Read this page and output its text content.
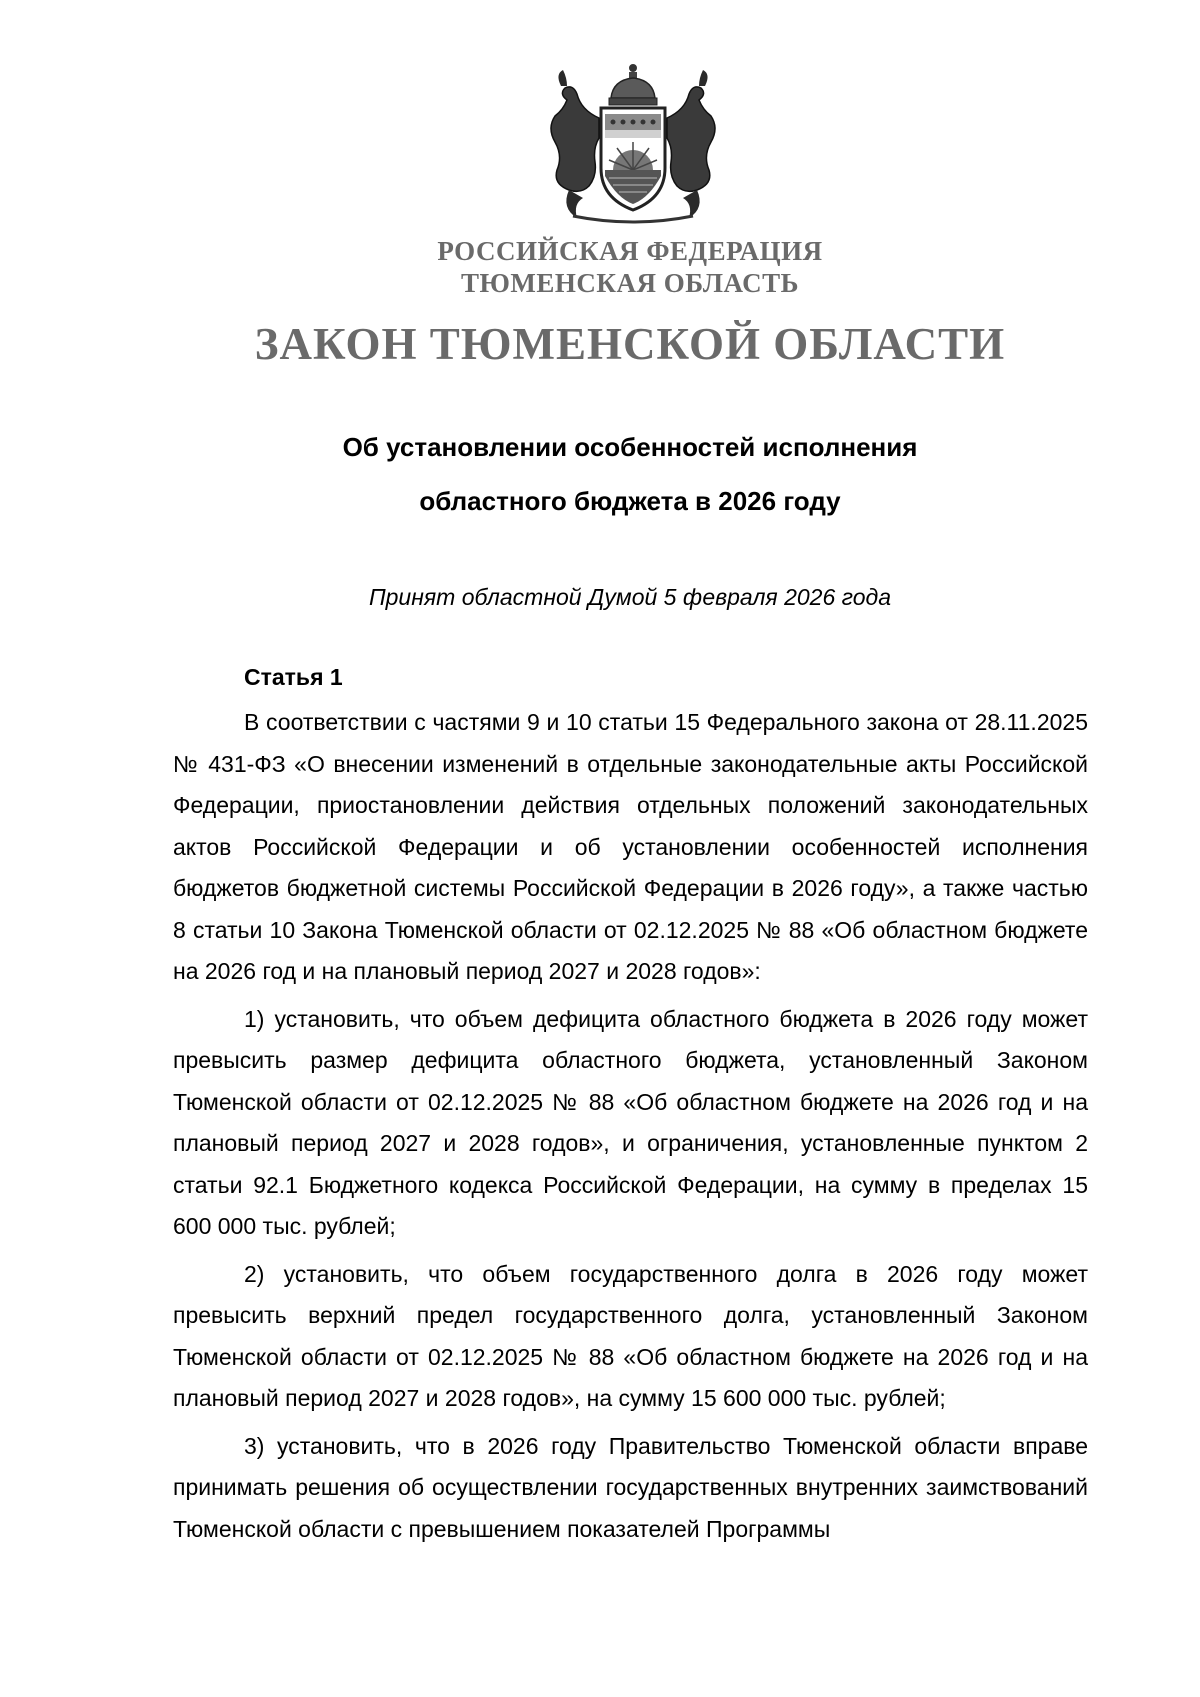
РОССИЙСКАЯ ФЕДЕРАЦИЯ
ТЮМЕНСКАЯ ОБЛАСТЬ
ЗАКОН ТЮМЕНСКОЙ ОБЛАСТИ
Об установлении особенностей исполнения
областного бюджета в 2026 году
Принят областной Думой 5 февраля 2026 года
Статья 1

В соответствии с частями 9 и 10 статьи 15 Федерального закона от 28.11.2025 № 431-ФЗ «О внесении изменений в отдельные законодательные акты Российской Федерации, приостановлении действия отдельных положений законодательных актов Российской Федерации и об установлении особенностей исполнения бюджетов бюджетной системы Российской Федерации в 2026 году», а также частью 8 статьи 10 Закона Тюменской области от 02.12.2025 № 88 «Об областном бюджете на 2026 год и на плановый период 2027 и 2028 годов»:

1) установить, что объем дефицита областного бюджета в 2026 году может превысить размер дефицита областного бюджета, установленный Законом Тюменской области от 02.12.2025 № 88 «Об областном бюджете на 2026 год и на плановый период 2027 и 2028 годов», и ограничения, установленные пунктом 2 статьи 92.1 Бюджетного кодекса Российской Федерации, на сумму в пределах 15 600 000 тыс. рублей;

2) установить, что объем государственного долга в 2026 году может превысить верхний предел государственного долга, установленный Законом Тюменской области от 02.12.2025 № 88 «Об областном бюджете на 2026 год и на плановый период 2027 и 2028 годов», на сумму 15 600 000 тыс. рублей;

3) установить, что в 2026 году Правительство Тюменской области вправе принимать решения об осуществлении государственных внутренних заимствований Тюменской области с превышением показателей Программы
